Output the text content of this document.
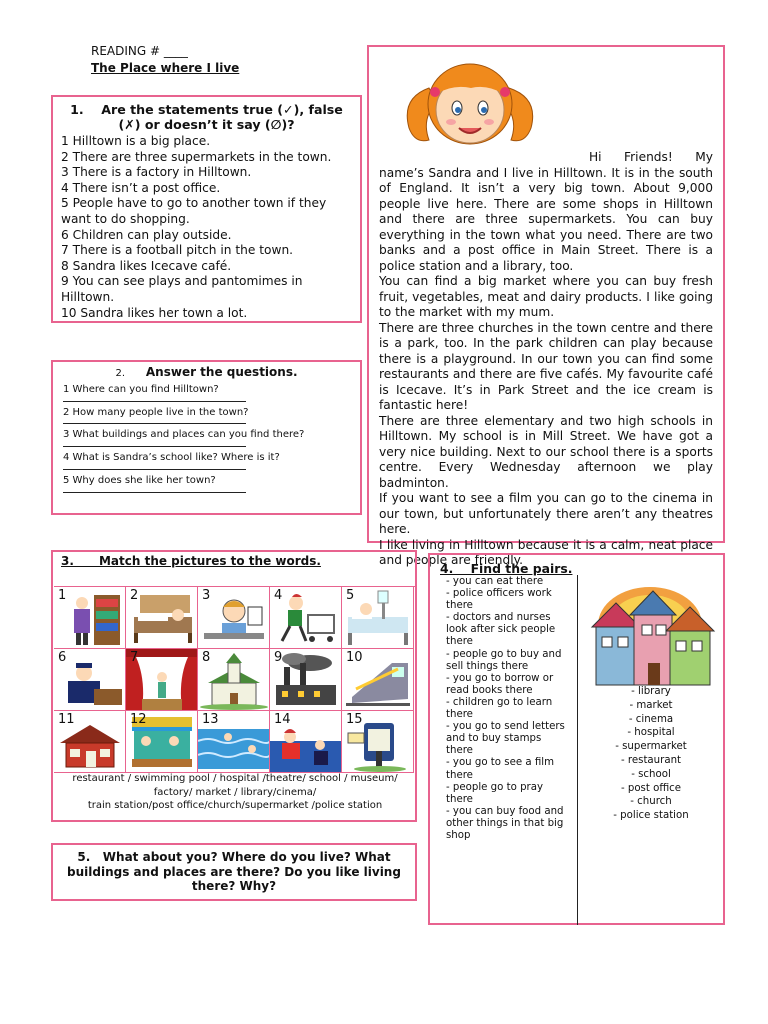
READING # ____
The Place where I live
1. Are the statements true (✓), false (✗) or doesn’t it say (∅)?
1 Hilltown is a big place.
2 There are three supermarkets in the town.
3 There is a factory in Hilltown.
4 There isn’t a post office.
5 People have to go to another town if they want to do shopping.
6 Children can play outside.
7 There is a football pitch in the town.
8 Sandra likes Icecave café.
9 You can see plays and pantomimes in Hilltown.
10 Sandra likes her town a lot.
2. Answer the questions.
1 Where can you find Hilltown?
2 How many people live in the town?
3 What buildings and places can you find there?
4 What is Sandra’s school like? Where is it?
5 Why does she like her town?

Hi Friends! My name’s Sandra and I live in Hilltown. It is in the south of England. It isn’t a very big town. About 9,000 people live here. There are some shops in Hilltown and there are three supermarkets. You can buy everything in the town what you need. There are two banks and a post office in Main Street. There is a police station and a library, too.

You can find a big market where you can buy fresh fruit, vegetables, meat and dairy products. I like going to the market with my mum.

There are three churches in the town centre and there is a park, too. In the park children can play because there is a playground. In our town you can find some restaurants and there are five cafés. My favourite café is Icecave. It’s in Park Street and the ice cream is fantastic here!

There are three elementary and two high schools in Hilltown. My school is in Mill Street. We have got a very nice building. Next to our school there is a sports centre. Every Wednesday afternoon we play badminton.

If you want to see a film you can go to the cinema in our town, but unfortunately there aren’t any theatres here.

I like living in Hilltown because it is a calm, neat place and people are friendly.

3.      Match the pictures to the words.
1	2	3	4	5
6	7	8	9	10
11	12	13	14	15
restaurant / swimming pool / hospital /theatre/ school / museum/
factory/ market / library/cinema/
train station/post office/church/supermarket /police station
4.    Find the pairs.
- you can eat there
- police officers work there
- doctors and nurses look after sick people there
- people go to buy and sell things there
- you go to borrow or read books there
- children go to learn there
- you go to send letters and to buy stamps there
- you go to see a film there
- people go to pray there
- you can buy food and other things in that big shop
- library
- market
- cinema
- hospital
- supermarket
- restaurant
- school
- post office
- church
- police station
5.   What about you? Where do you live? What buildings and places are there? Do you like living there? Why?
